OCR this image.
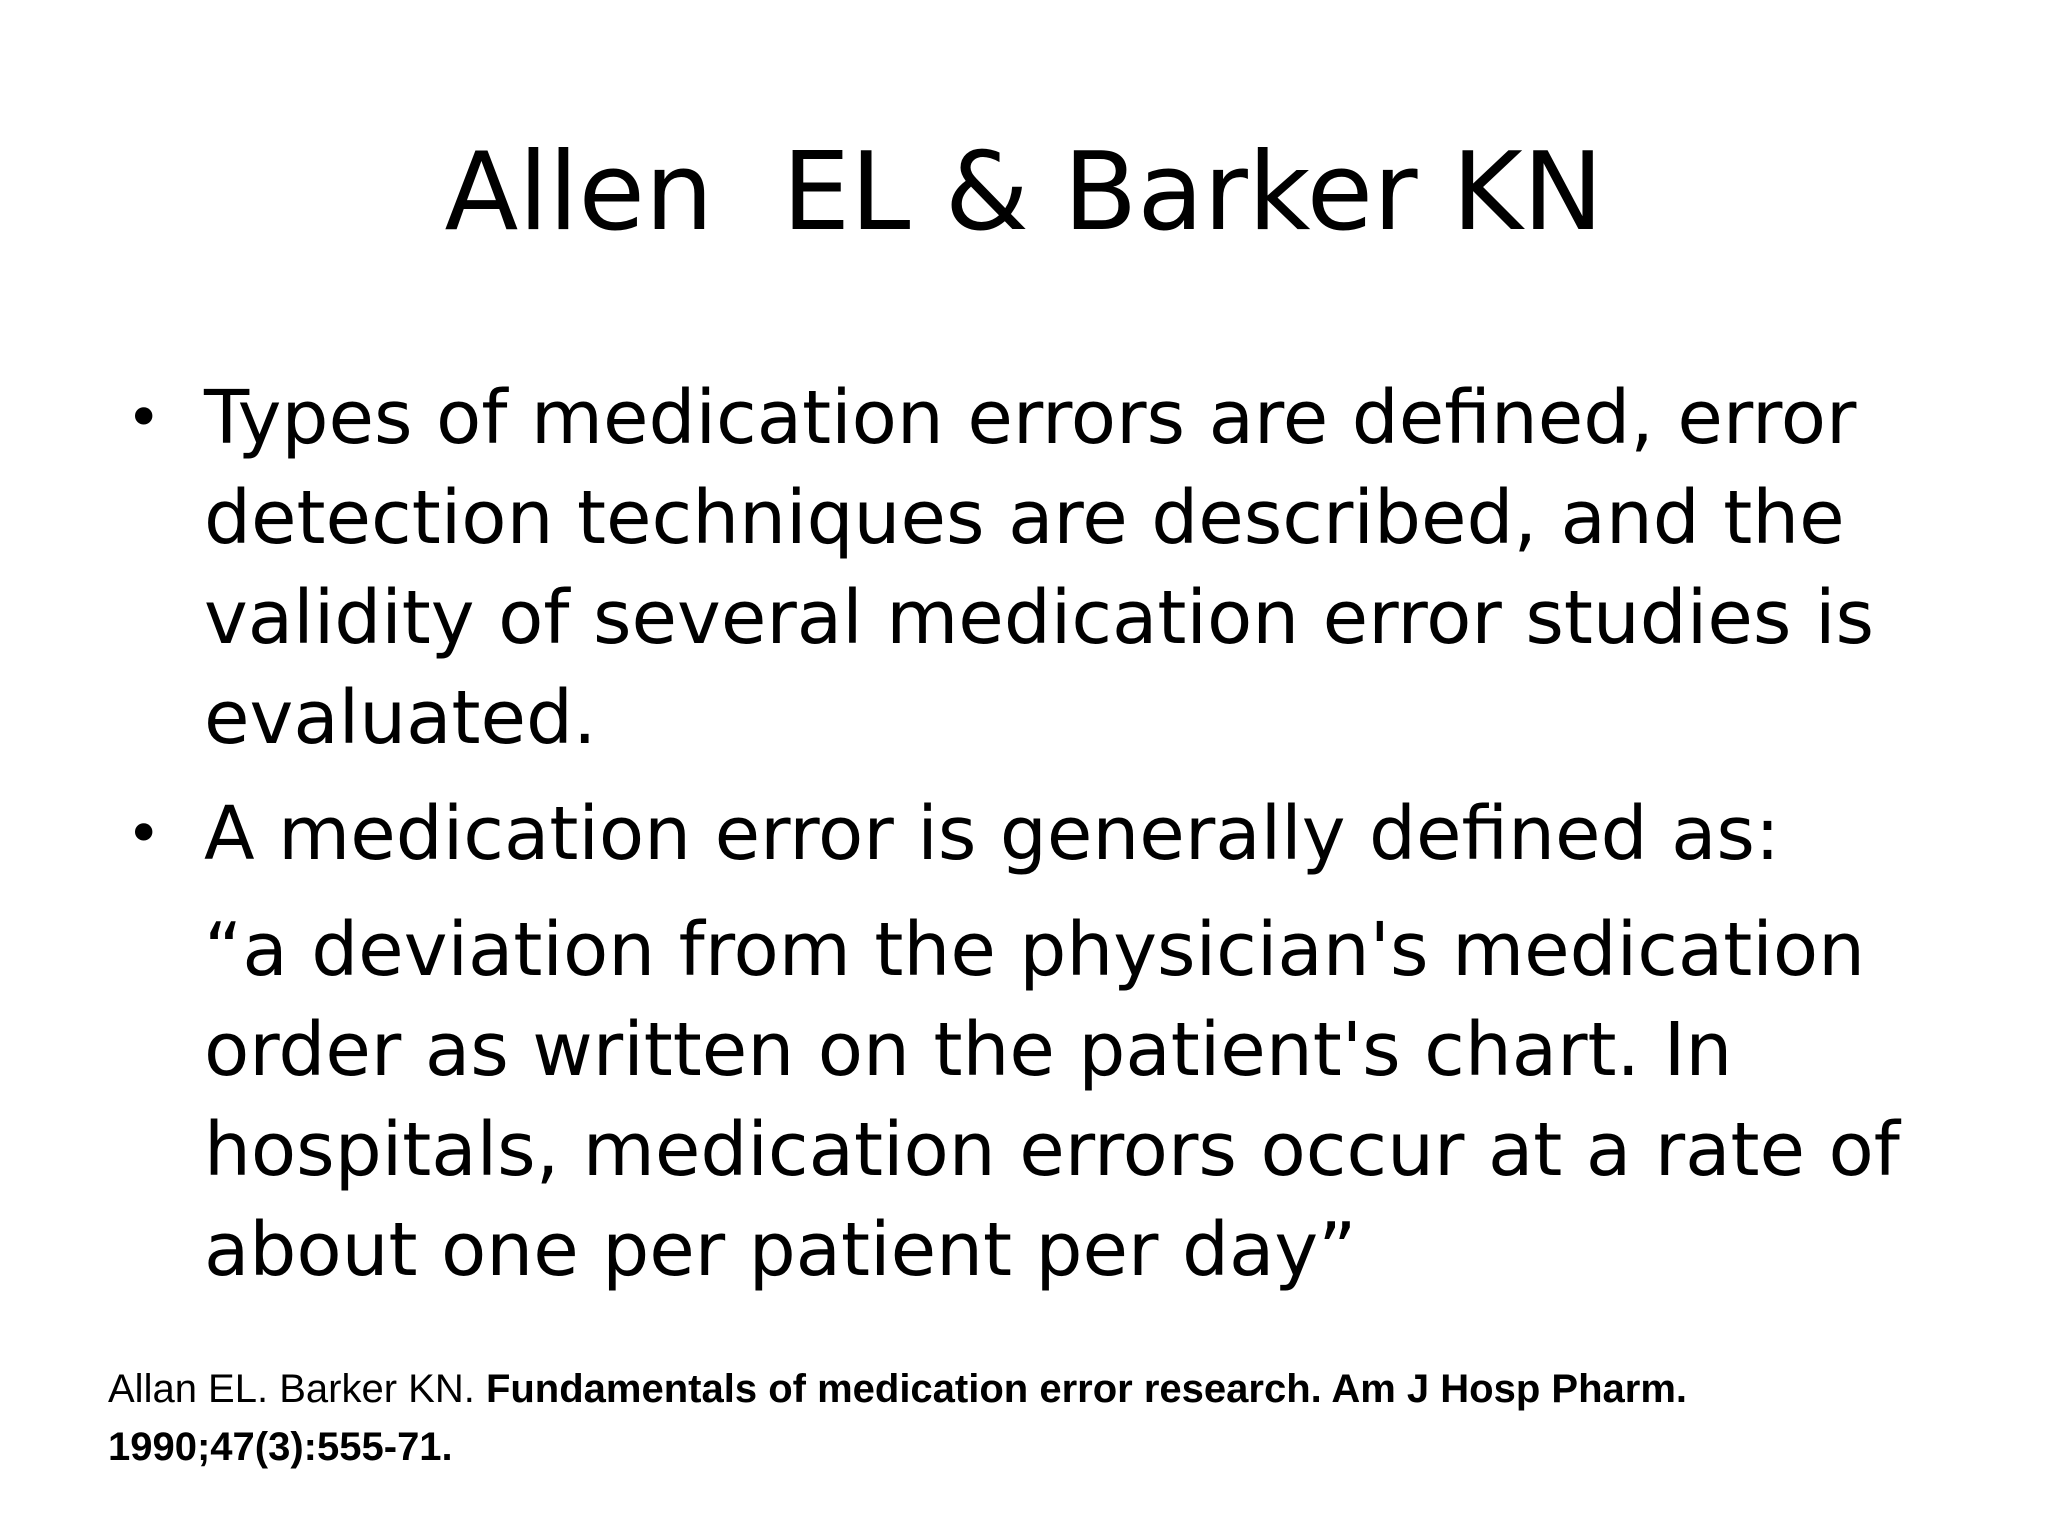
Allen  EL & Barker KN
• Types of medication errors are defined, error detection techniques are described, and the validity of several medication error studies is evaluated.
• A medication error is generally defined as:
“a deviation from the physician's medication order as written on the patient's chart. In hospitals, medication errors occur at a rate of about one per patient per day”
Allan EL. Barker KN. Fundamentals of medication error research. Am J Hosp Pharm. 1990;47(3):555-71.
